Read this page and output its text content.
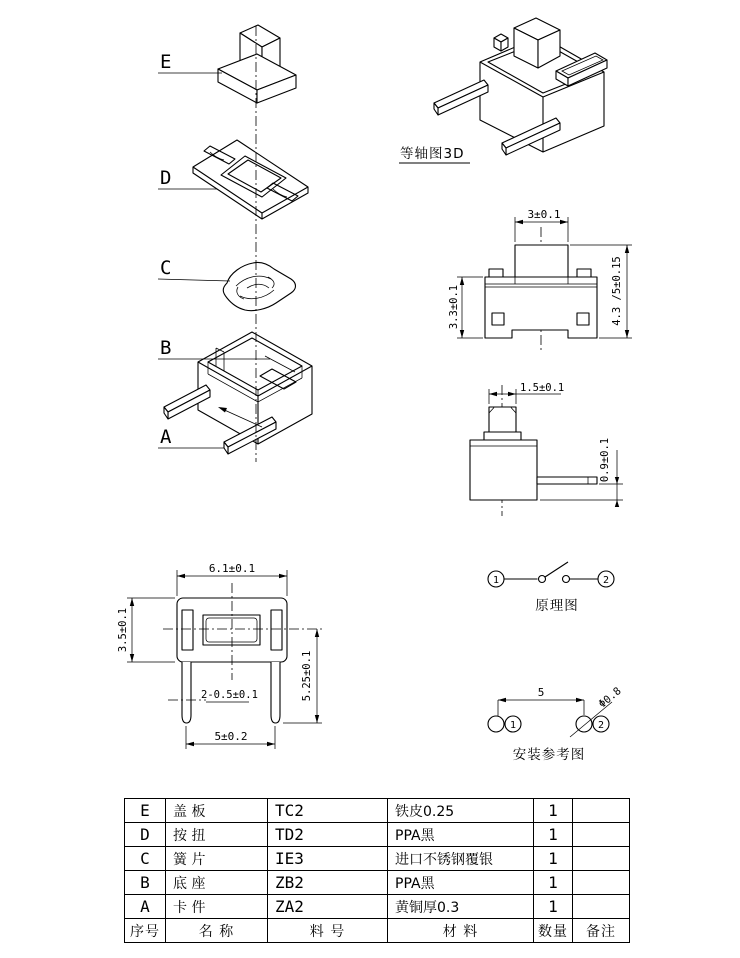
E
D
C
B
A
等轴图3D
3±0.1
3.3±0.1	4.3 /5±0.15
1.5±0.1
0.9±0.1
6.1±0.1
3.5±0.1
5.25±0.1
2-0.5±0.1
5±0.2
1	2
原理图
5
1	2
Φ0.8
安装参考图
E	盖 板	TC2	铁皮0.25	1	
D	按 扭	TD2	PPA黑	1	
C	簧 片	IE3	进口不锈钢覆银	1	
B	底 座	ZB2	PPA黑	1	
A	卡 件	ZA2	黄铜厚0.3	1	
序号	名 称	料 号	材 料	数量	备注
